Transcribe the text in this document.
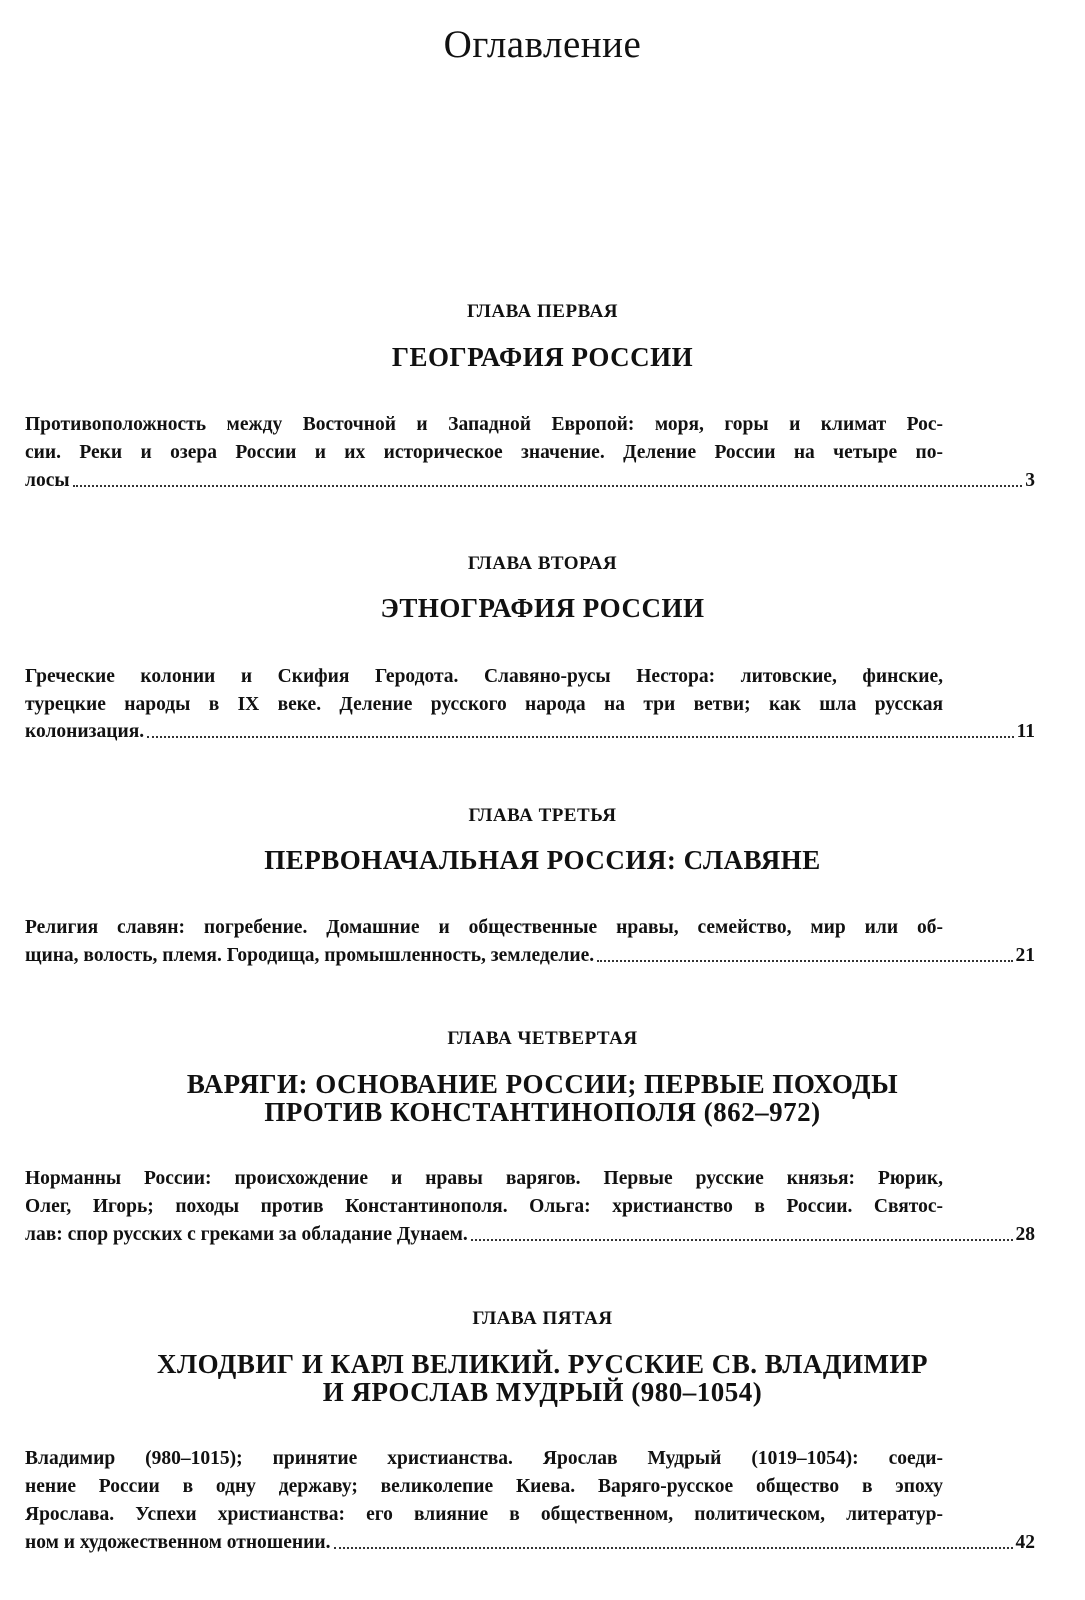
Оглавление
ГЛАВА ПЕРВАЯ
ГЕОГРАФИЯ РОССИИ
Противоположность между Восточной и Западной Европой: моря, горы и климат Рос-
сии. Реки и озера России и их историческое значение. Деление России на четыре по-
лосы	3
ГЛАВА ВТОРАЯ
ЭТНОГРАФИЯ РОССИИ
Греческие колонии и Скифия Геродота. Славяно-русы Нестора: литовские, финские,
турецкие народы в IX веке. Деление русского народа на три ветви; как шла русская
колонизация.	11
ГЛАВА ТРЕТЬЯ
ПЕРВОНАЧАЛЬНАЯ РОССИЯ: СЛАВЯНЕ
Религия славян: погребение. Домашние и общественные нравы, семейство, мир или об-
щина, волость, племя. Городища, промышленность, земледелие.	21
ГЛАВА ЧЕТВЕРТАЯ
ВАРЯГИ: ОСНОВАНИЕ РОССИИ; ПЕРВЫЕ ПОХОДЫ
ПРОТИВ КОНСТАНТИНОПОЛЯ (862–972)
Норманны России: происхождение и нравы варягов. Первые русские князья: Рюрик,
Олег, Игорь; походы против Константинополя. Ольга: христианство в России. Святос-
лав: спор русских с греками за обладание Дунаем.	28
ГЛАВА ПЯТАЯ
ХЛОДВИГ И КАРЛ ВЕЛИКИЙ. РУССКИЕ СВ. ВЛАДИМИР
И ЯРОСЛАВ МУДРЫЙ (980–1054)
Владимир (980–1015); принятие христианства. Ярослав Мудрый (1019–1054): соеди-
нение России в одну державу; великолепие Киева. Варяго-русское общество в эпоху
Ярослава. Успехи христианства: его влияние в общественном, политическом, литератур-
ном и художественном отношении.	42
